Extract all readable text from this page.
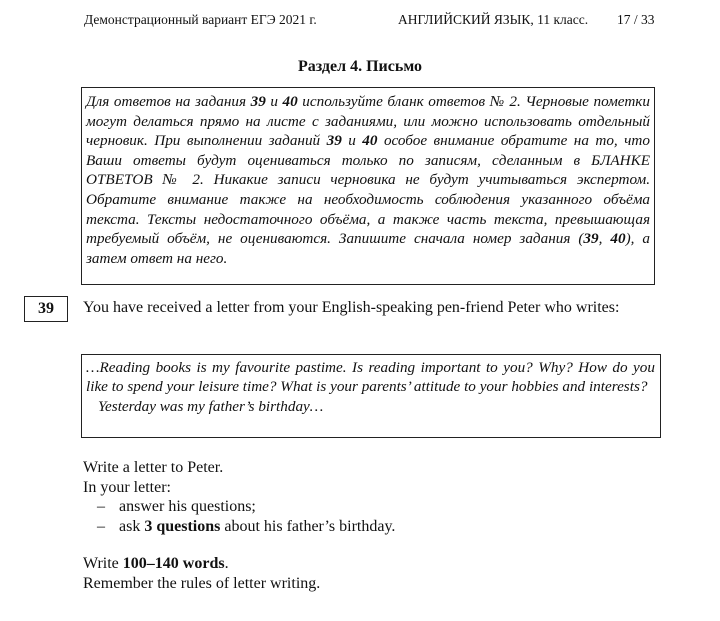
Демонстрационный вариант ЕГЭ 2021 г.	АНГЛИЙСКИЙ ЯЗЫК, 11 класс. 17 / 33
Раздел 4. Письмо
Для ответов на задания 39 и 40 используйте бланк ответов № 2. Черновые пометки могут делаться прямо на листе с заданиями, или можно использовать отдельный черновик. При выполнении заданий 39 и 40 особое внимание обратите на то, что Ваши ответы будут оцениваться только по записям, сделанным в БЛАНКЕ ОТВЕТОВ № 2. Никакие записи черновика не будут учитываться экспертом. Обратите внимание также на необходимость соблюдения указанного объёма текста. Тексты недостаточного объёма, а также часть текста, превышающая требуемый объём, не оцениваются. Запишите сначала номер задания (39, 40), а затем ответ на него.
39	You have received a letter from your English-speaking pen-friend Peter who writes:
…Reading books is my favourite pastime. Is reading important to you? Why? How do you like to spend your leisure time? What is your parents’ attitude to your hobbies and interests?
Yesterday was my father’s birthday…
Write a letter to Peter.
In your letter:
– answer his questions;
– ask 3 questions about his father’s birthday.
Write 100–140 words.
Remember the rules of letter writing.
